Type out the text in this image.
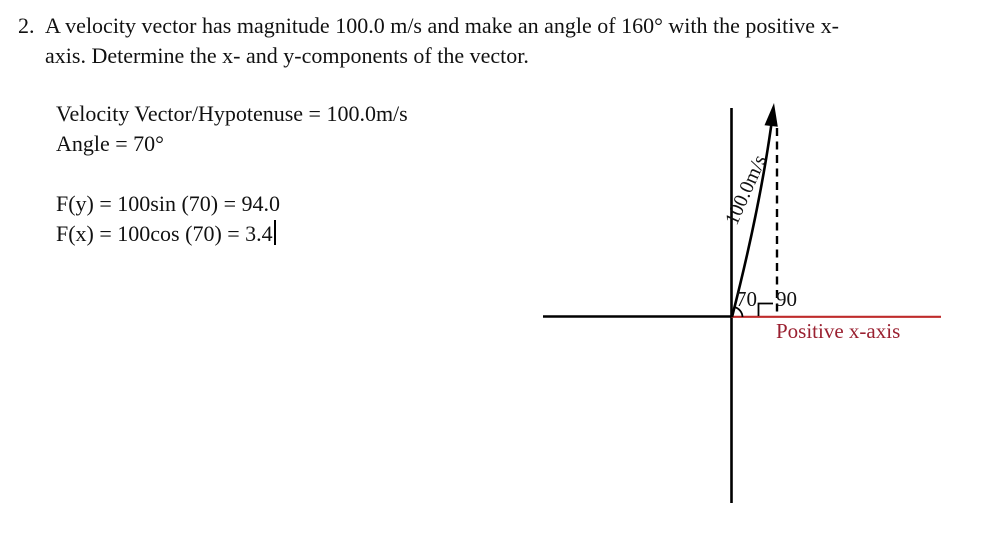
2. A velocity vector has magnitude 100.0 m/s and make an angle of 160° with the positive x-
axis. Determine the x- and y-components of the vector.
Velocity Vector/Hypotenuse = 100.0m/s
Angle = 70°
F(y) = 100sin (70) = 94.0
F(x) = 100cos (70) = 3.4
100.0m/s
70 90
Positive x-axis
